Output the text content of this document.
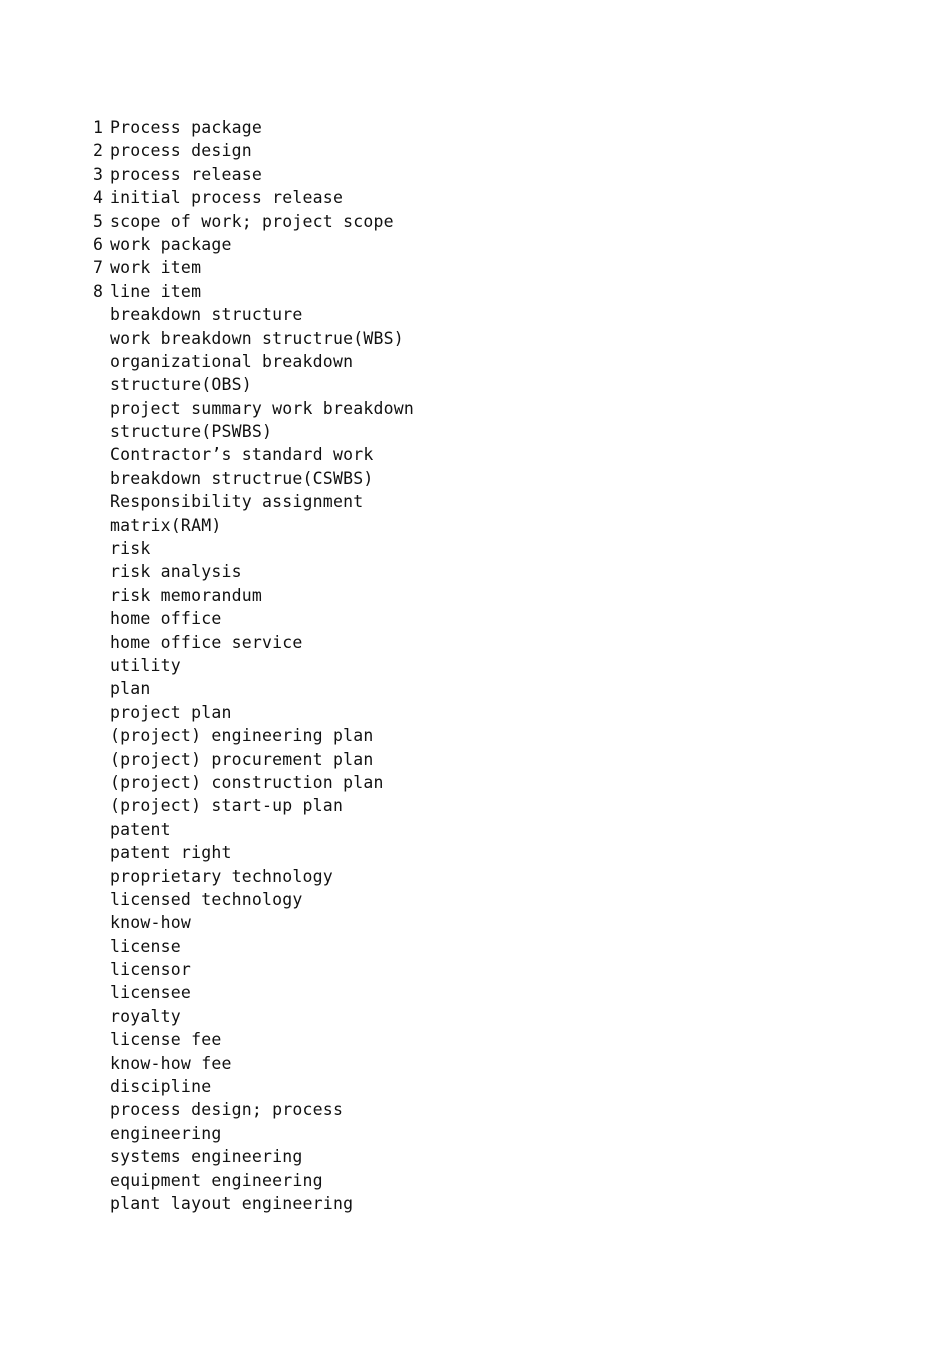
1 Process package
2 process design
3 process release
4 initial process release
5 scope of work; project scope
6 work package
7 work item
8 line item
breakdown structure
work breakdown structrue(WBS)
organizational breakdown
structure(OBS)
project summary work breakdown
structure(PSWBS)
Contractor’s standard work
breakdown structrue(CSWBS)
Responsibility assignment
matrix(RAM)
risk
risk analysis
risk memorandum
home office
home office service
utility
plan
project plan
(project) engineering plan
(project) procurement plan
(project) construction plan
(project) start-up plan
patent
patent right
proprietary technology
licensed technology
know-how
license
licensor
licensee
royalty
license fee
know-how fee
discipline
process design; process
engineering
systems engineering
equipment engineering
plant layout engineering
